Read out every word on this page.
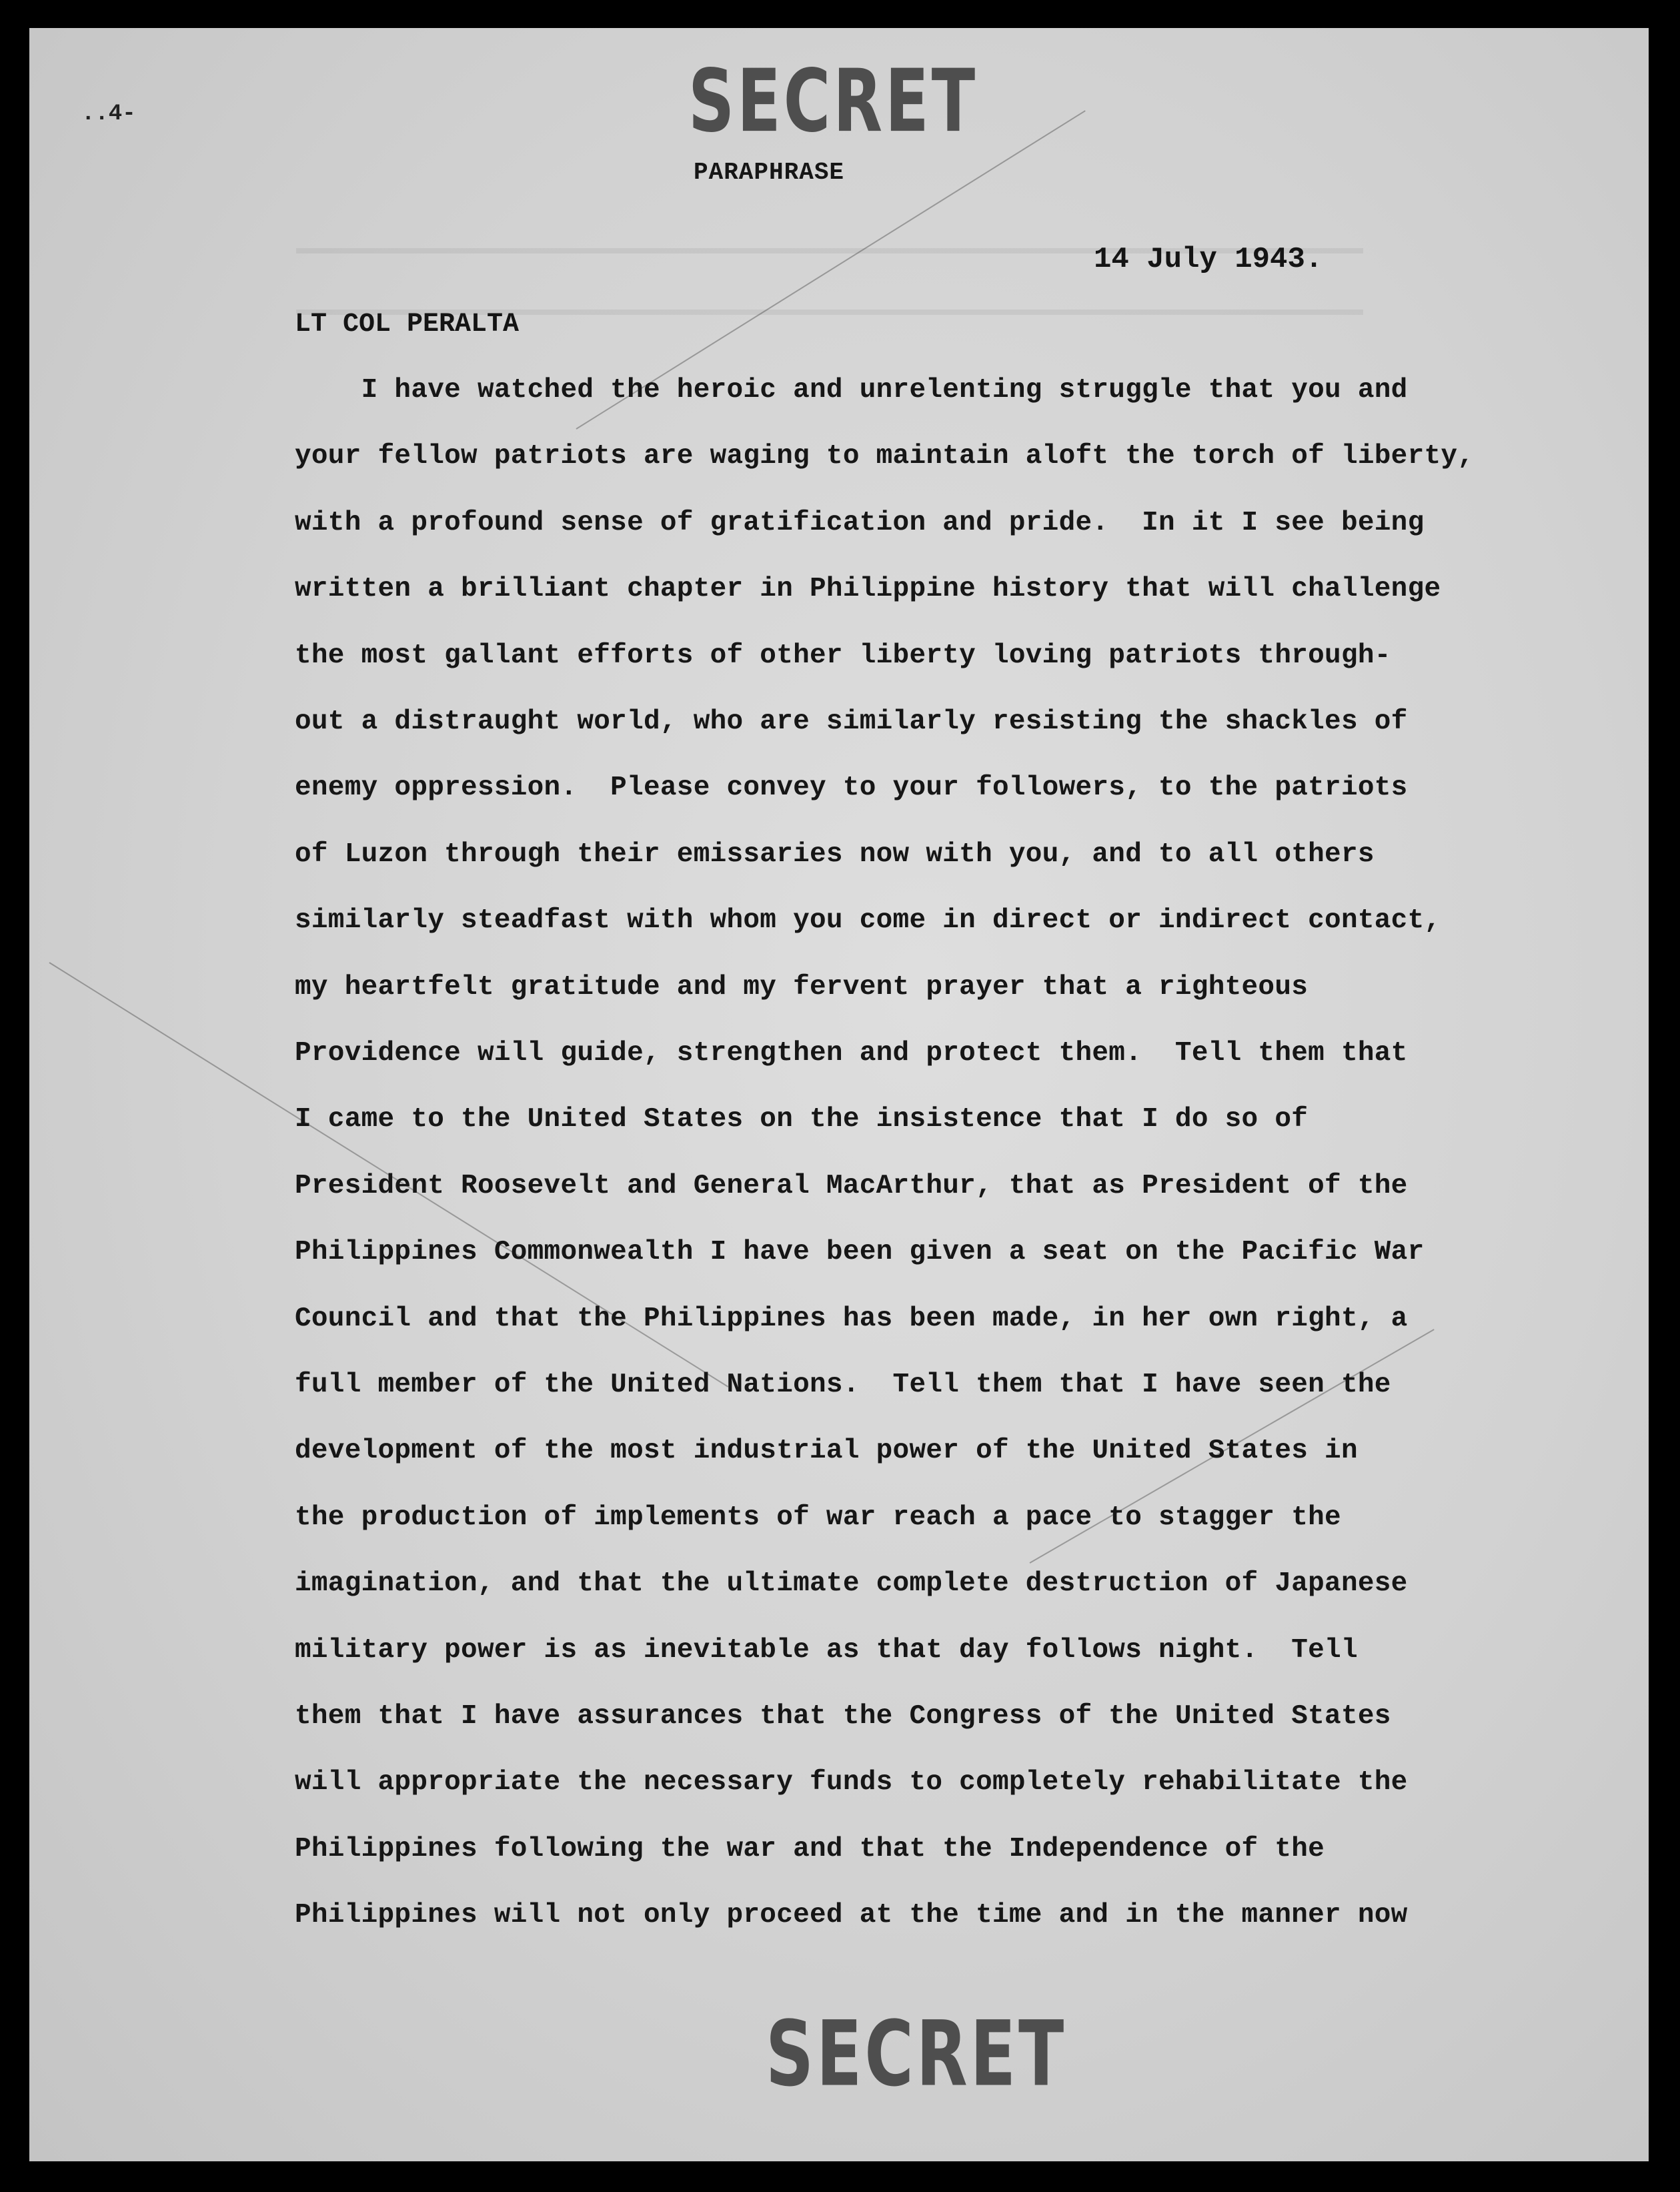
..4-	SECRET
PARAPHRASE
14 July 1943.
LT COL PERALTA
I have watched the heroic and unrelenting struggle that you and
your fellow patriots are waging to maintain aloft the torch of liberty,
with a profound sense of gratification and pride.  In it I see being
written a brilliant chapter in Philippine history that will challenge
the most gallant efforts of other liberty loving patriots through-
out a distraught world, who are similarly resisting the shackles of
enemy oppression.  Please convey to your followers, to the patriots
of Luzon through their emissaries now with you, and to all others
similarly steadfast with whom you come in direct or indirect contact,
my heartfelt gratitude and my fervent prayer that a righteous
Providence will guide, strengthen and protect them.  Tell them that
I came to the United States on the insistence that I do so of
President Roosevelt and General MacArthur, that as President of the
Philippines Commonwealth I have been given a seat on the Pacific War
Council and that the Philippines has been made, in her own right, a
full member of the United Nations.  Tell them that I have seen the
development of the most industrial power of the United States in
the production of implements of war reach a pace to stagger the
imagination, and that the ultimate complete destruction of Japanese
military power is as inevitable as that day follows night.  Tell
them that I have assurances that the Congress of the United States
will appropriate the necessary funds to completely rehabilitate the
Philippines following the war and that the Independence of the
Philippines will not only proceed at the time and in the manner now
SECRET
